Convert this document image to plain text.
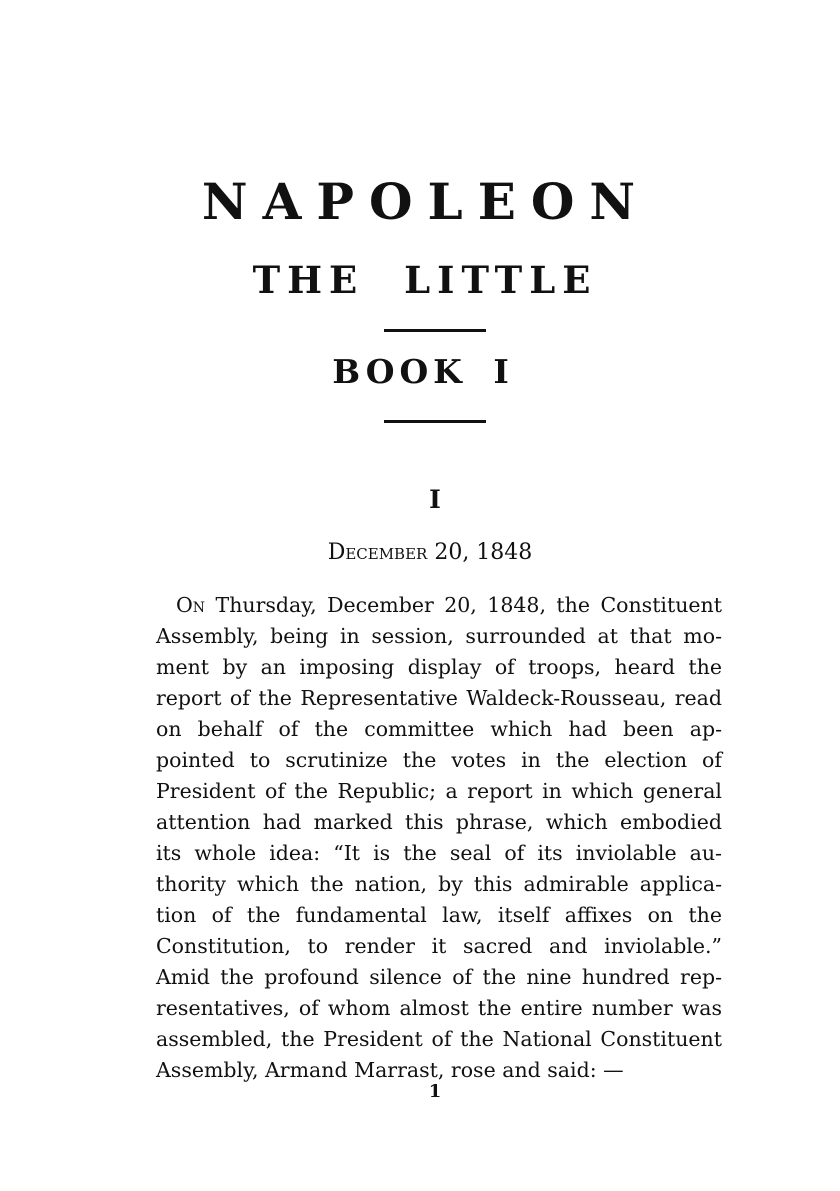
NAPOLEON
THE LITTLE
BOOK I
I
December 20, 1848
On Thursday, December 20, 1848, the Constituent
Assembly, being in session, surrounded at that mo-
ment by an imposing display of troops, heard the
report of the Representative Waldeck-Rousseau, read
on behalf of the committee which had been ap-
pointed to scrutinize the votes in the election of
President of the Republic; a report in which general
attention had marked this phrase, which embodied
its whole idea: “It is the seal of its inviolable au-
thority which the nation, by this admirable applica-
tion of the fundamental law, itself affixes on the
Constitution, to render it sacred and inviolable.”
Amid the profound silence of the nine hundred rep-
resentatives, of whom almost the entire number was
assembled, the President of the National Constituent
Assembly, Armand Marrast, rose and said: —
1
